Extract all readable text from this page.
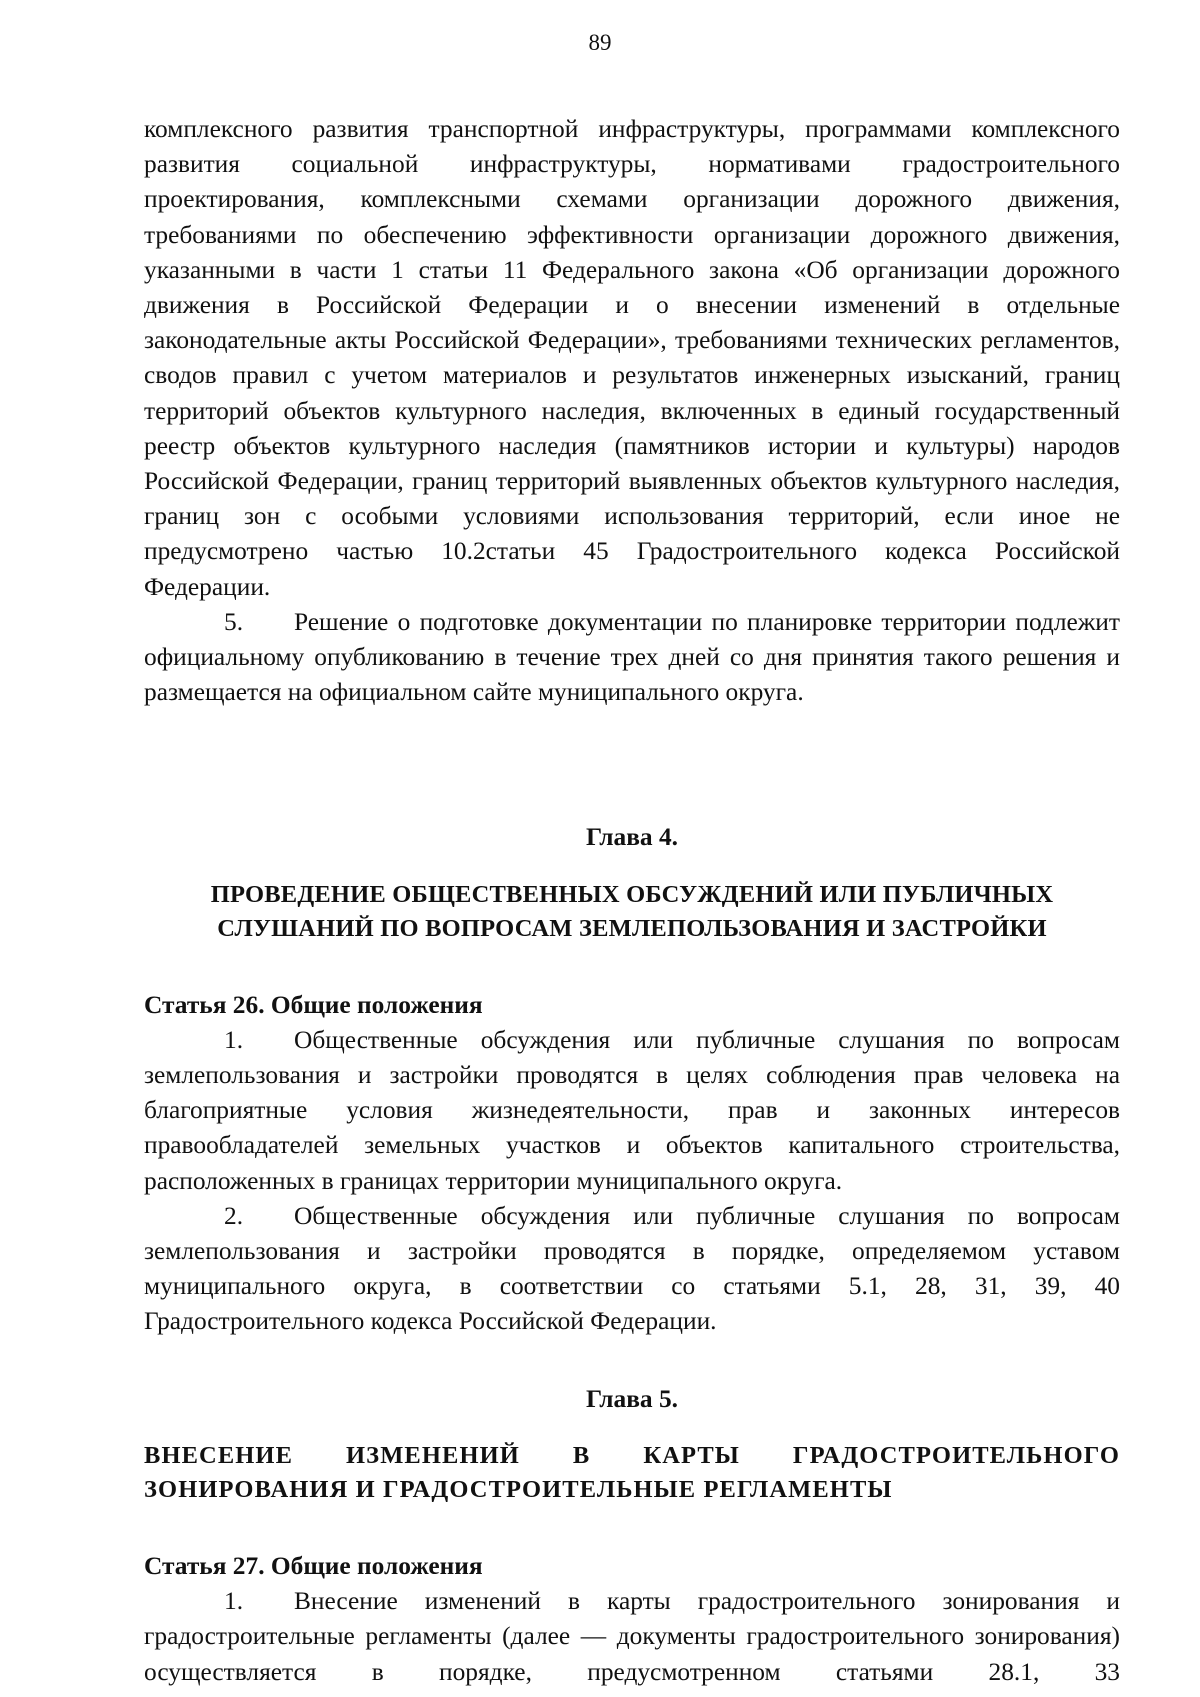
89

комплексного развития транспортной инфраструктуры, программами комплексного развития социальной инфраструктуры, нормативами градостроительного проектирования, комплексными схемами организации дорожного движения, требованиями по обеспечению эффективности организации дорожного движения, указанными в части 1 статьи 11 Федерального закона «Об организации дорожного движения в Российской Федерации и о внесении изменений в отдельные законодательные акты Российской Федерации», требованиями технических регламентов, сводов правил с учетом материалов и результатов инженерных изысканий, границ территорий объектов культурного наследия, включенных в единый государственный реестр объектов культурного наследия (памятников истории и культуры) народов Российской Федерации, границ территорий выявленных объектов культурного наследия, границ зон с особыми условиями использования территорий, если иное не предусмотрено частью 10.2статьи 45 Градостроительного кодекса Российской Федерации.

5. Решение о подготовке документации по планировке территории подлежит официальному опубликованию в течение трех дней со дня принятия такого решения и размещается на официальном сайте муниципального округа.

Глава 4.

ПРОВЕДЕНИЕ ОБЩЕСТВЕННЫХ ОБСУЖДЕНИЙ ИЛИ ПУБЛИЧНЫХ

СЛУШАНИЙ ПО ВОПРОСАМ ЗЕМЛЕПОЛЬЗОВАНИЯ И ЗАСТРОЙКИ

Статья 26. Общие положения

1. Общественные обсуждения или публичные слушания по вопросам землепользования и застройки проводятся в целях соблюдения прав человека на благоприятные условия жизнедеятельности, прав и законных интересов правообладателей земельных участков и объектов капитального строительства, расположенных в границах территории муниципального округа.

2. Общественные обсуждения или публичные слушания по вопросам землепользования и застройки проводятся в порядке, определяемом уставом муниципального округа, в соответствии со статьями 5.1, 28, 31, 39, 40 Градостроительного кодекса Российской Федерации.

Глава 5.

ВНЕСЕНИЕ ИЗМЕНЕНИЙ В КАРТЫ ГРАДОСТРОИТЕЛЬНОГО

ЗОНИРОВАНИЯ И ГРАДОСТРОИТЕЛЬНЫЕ РЕГЛАМЕНТЫ

Статья 27. Общие положения

1. Внесение изменений в карты градостроительного зонирования и градостроительные регламенты (далее — документы градостроительного зонирования) осуществляется в порядке, предусмотренном статьями 28.1, 33
